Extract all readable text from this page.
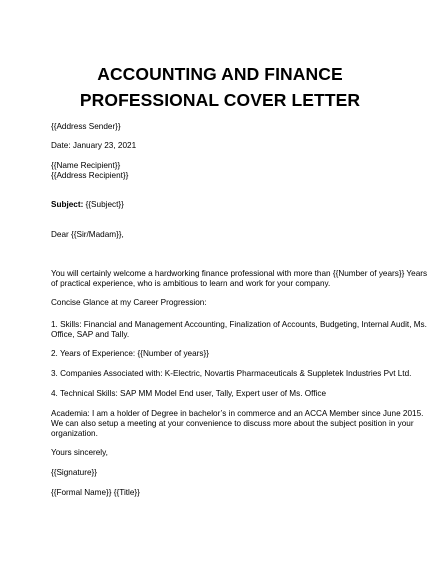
ACCOUNTING AND FINANCE
PROFESSIONAL COVER LETTER
{{Address Sender}}
Date: January 23, 2021
{{Name Recipient}}
{{Address Recipient}}
Subject: {{Subject}}
Dear {{Sir/Madam}},
You will certainly welcome a hardworking finance professional with more than {{Number of years}} Years
of practical experience, who is ambitious to learn and work for your company.
Concise Glance at my Career Progression:
1. Skills: Financial and Management Accounting, Finalization of Accounts, Budgeting, Internal Audit, Ms.
Office, SAP and Tally.
2. Years of Experience: {{Number of years}}
3. Companies Associated with: K-Electric, Novartis Pharmaceuticals & Suppletek Industries Pvt Ltd.
4. Technical Skills: SAP MM Model End user, Tally, Expert user of Ms. Office
Academia: I am a holder of Degree in bachelor’s in commerce and an ACCA Member since June 2015.
We can also setup a meeting at your convenience to discuss more about the subject position in your
organization.
Yours sincerely,
{{Signature}}
{{Formal Name}} {{Title}}
